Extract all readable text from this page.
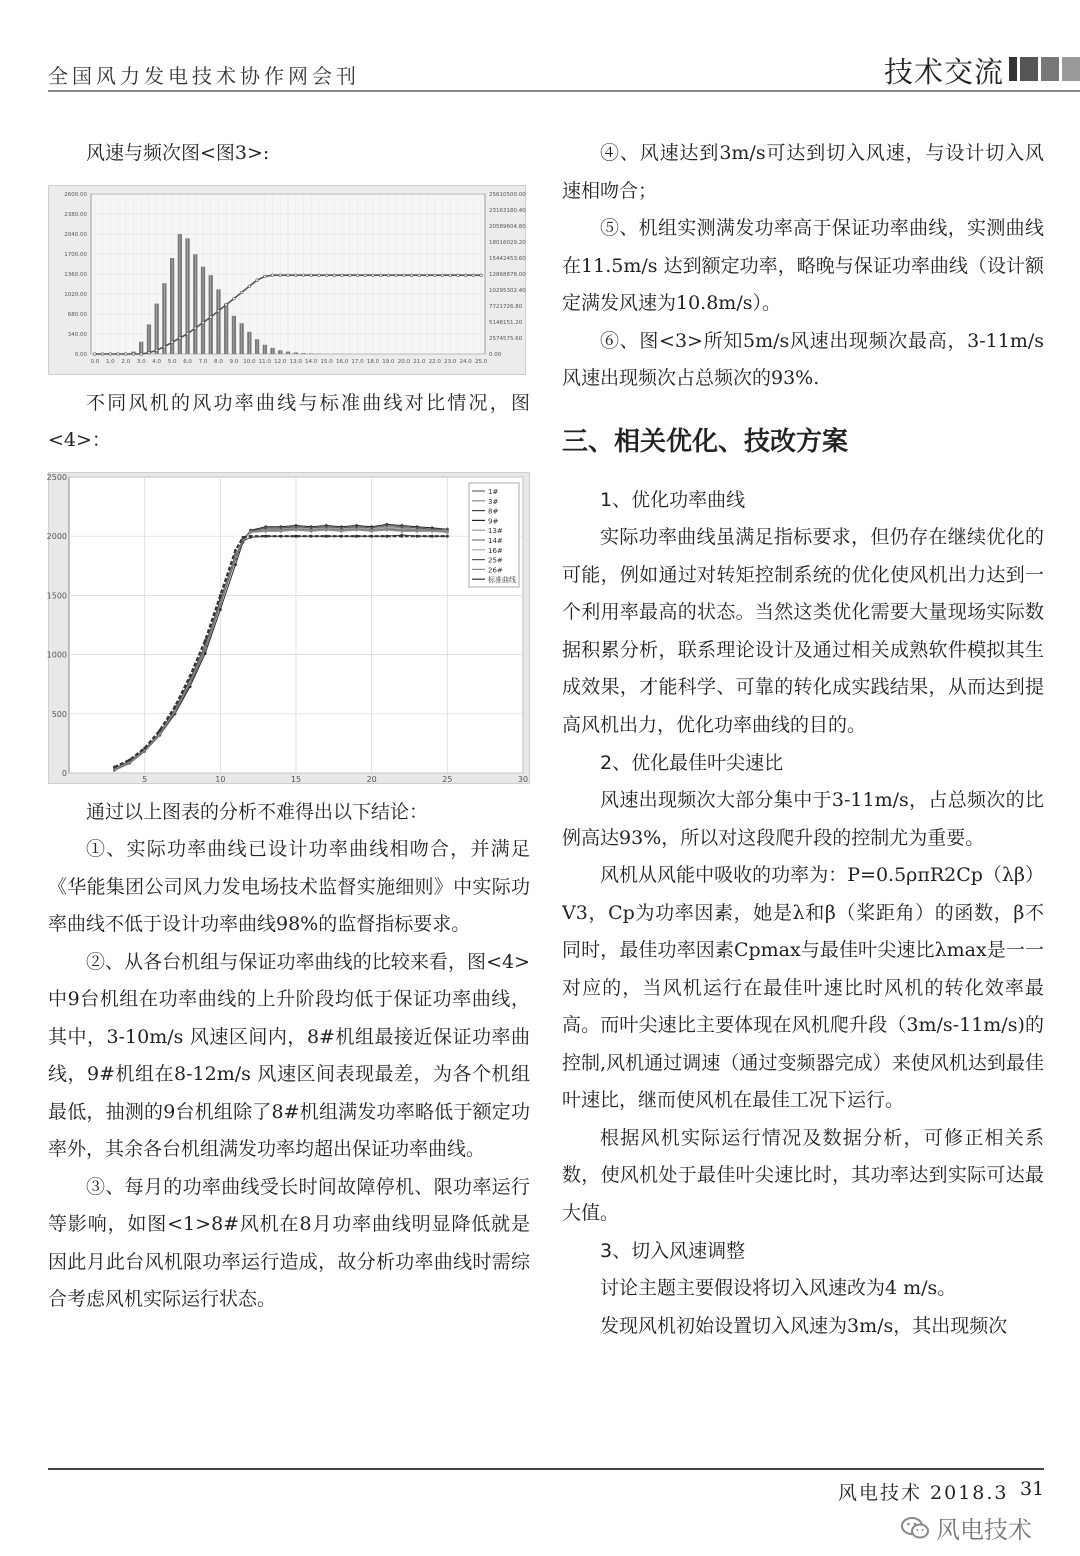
全国风力发电技术协作网会刊	技术交流

风速与频次图<图3>:

0.00
340.00
680.00
1020.00
1360.00
1700.00
2040.00
2380.00
2600.00
0.00
2574575.60
5148151.20
7721726.80
10295302.40
12868878.00
15442453.60
18016029.20
20589604.80
23163180.40
25610500.00
0.0 1.0 2.0 3.0 4.0 5.0 6.0 7.0 8.0 9.0 10.0 11.0 12.0 13.0 14.0 15.0 16.0 17.0 18.0 19.0 20.0 21.0 22.0 23.0 24.0 25.0

不同风机的风功率曲线与标准曲线对比情况，图<4>：

0
500
1000
1500
2000
2500
5	10	15	20	25	30
1#
3#
8#
9#
13#
14#
16#
25#
26#
标准曲线

通过以上图表的分析不难得出以下结论：

①、实际功率曲线已设计功率曲线相吻合，并满足《华能集团公司风力发电场技术监督实施细则》中实际功率曲线不低于设计功率曲线98%的监督指标要求。

②、从各台机组与保证功率曲线的比较来看，图<4>中9台机组在功率曲线的上升阶段均低于保证功率曲线，其中，3-10m/s 风速区间内，8#机组最接近保证功率曲线，9#机组在8-12m/s 风速区间表现最差，为各个机组最低，抽测的9台机组除了8#机组满发功率略低于额定功率外，其余各台机组满发功率均超出保证功率曲线。

③、每月的功率曲线受长时间故障停机、限功率运行等影响，如图<1>8#风机在8月功率曲线明显降低就是因此月此台风机限功率运行造成，故分析功率曲线时需综合考虑风机实际运行状态。

④、风速达到3m/s可达到切入风速，与设计切入风速相吻合；

⑤、机组实测满发功率高于保证功率曲线，实测曲线在11.5m/s 达到额定功率，略晚与保证功率曲线（设计额定满发风速为10.8m/s）。

⑥、图<3>所知5m/s风速出现频次最高，3-11m/s风速出现频次占总频次的93%.

三、相关优化、技改方案

1、优化功率曲线

实际功率曲线虽满足指标要求，但仍存在继续优化的可能，例如通过对转矩控制系统的优化使风机出力达到一个利用率最高的状态。当然这类优化需要大量现场实际数据积累分析，联系理论设计及通过相关成熟软件模拟其生成效果，才能科学、可靠的转化成实践结果，从而达到提高风机出力，优化功率曲线的目的。

2、优化最佳叶尖速比

风速出现频次大部分集中于3-11m/s，占总频次的比例高达93%，所以对这段爬升段的控制尤为重要。

风机从风能中吸收的功率为：P=0.5ρπR2Cp（λβ）V3，Cp为功率因素，她是λ和β（桨距角）的函数，β不同时，最佳功率因素Cpmax与最佳叶尖速比λmax是一一对应的，当风机运行在最佳叶速比时风机的转化效率最高。而叶尖速比主要体现在风机爬升段（3m/s-11m/s)的控制,风机通过调速（通过变频器完成）来使风机达到最佳叶速比，继而使风机在最佳工况下运行。

根据风机实际运行情况及数据分析，可修正相关系数，使风机处于最佳叶尖速比时，其功率达到实际可达最大值。

3、切入风速调整

讨论主题主要假设将切入风速改为4 m/s。

发现风机初始设置切入风速为3m/s，其出现频次

风电技术 2018.3 31
风电技术
